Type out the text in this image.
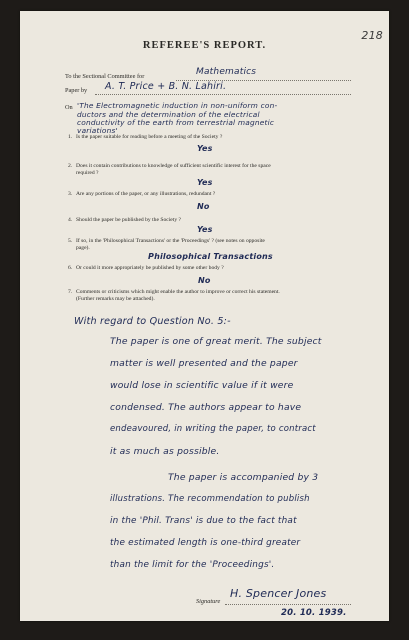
218
REFEREE'S REPORT.
To the Sectional Committee for	Mathematics
Paper by A. T. Price + B. N. Lahiri.
On 'The Electromagnetic induction in non-uniform con-
ductors and the determination of the electrical
conductivity of the earth from terrestrial magnetic
variations'
1. Is the paper suitable for reading before a meeting of the Society ?
Yes
2. Does it contain contributions to knowledge of sufficient scientific interest for the space
required ?
Yes
3. Are any portions of the paper, or any illustrations, redundant ?
No
4. Should the paper be published by the Society ?
Yes
5. If so, in the 'Philosophical Transactions' or the 'Proceedings' ? (see notes on opposite
page).
Philosophical Transactions
6. Or could it more appropriately be published by some other body ?
No
7. Comments or criticisms which might enable the author to improve or correct his statement.
(Further remarks may be attached).
With regard to Question No. 5:-
The paper is one of great merit. The subject
matter is well presented and the paper
would lose in scientific value if it were
condensed. The authors appear to have
endeavoured, in writing the paper, to contract
it as much as possible.
The paper is accompanied by 3
illustrations. The recommendation to publish
in the 'Phil. Trans' is due to the fact that
the estimated length is one-third greater
than the limit for the 'Proceedings'.
Signature
H. Spencer Jones
20. 10. 1939.
